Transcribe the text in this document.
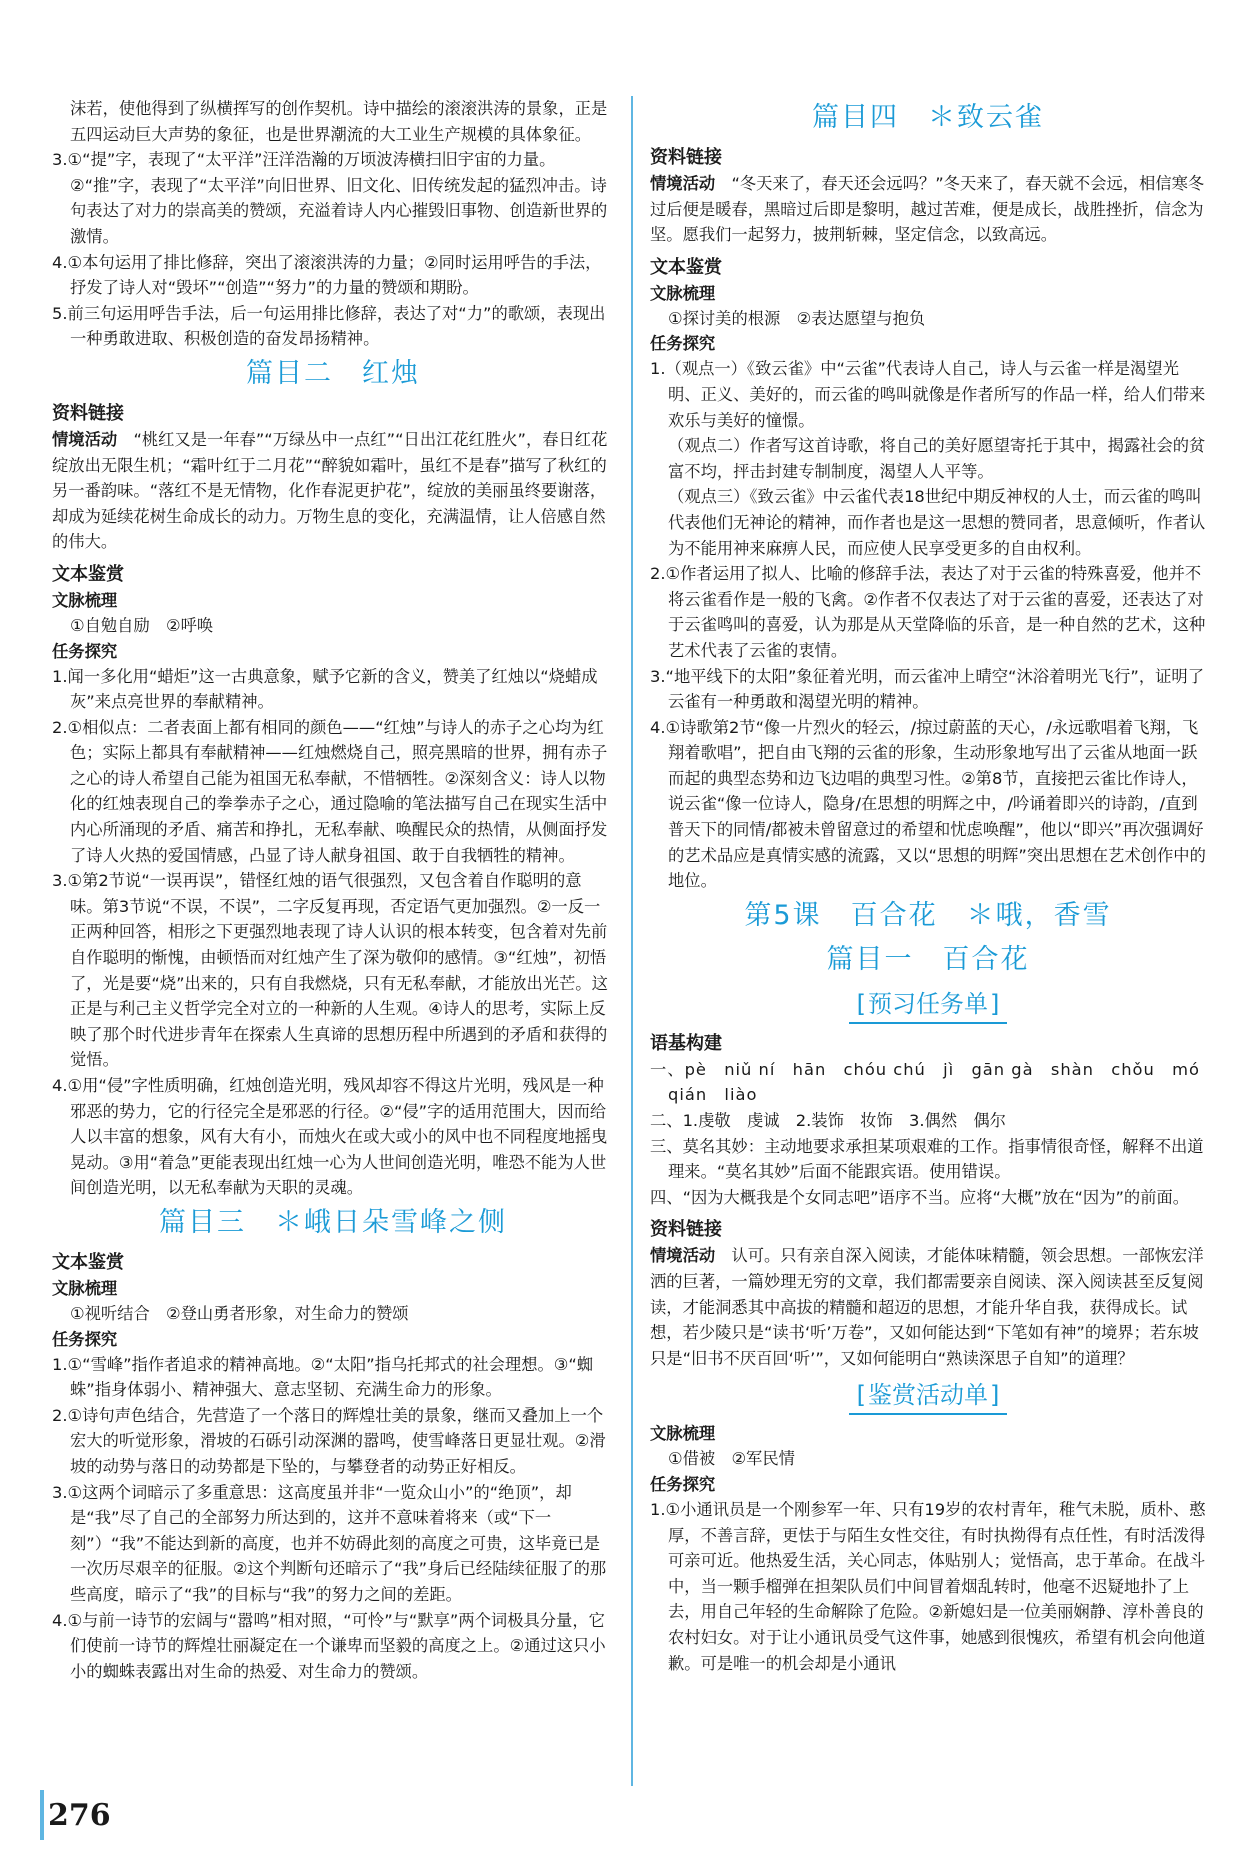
沫若，使他得到了纵横挥写的创作契机。诗中描绘的滚滚洪涛的景象，正是五四运动巨大声势的象征，也是世界潮流的大工业生产规模的具体象征。

3.①“提”字，表现了“太平洋”汪洋浩瀚的万顷波涛横扫旧宇宙的力量。②“推”字，表现了“太平洋”向旧世界、旧文化、旧传统发起的猛烈冲击。诗句表达了对力的崇高美的赞颂，充溢着诗人内心摧毁旧事物、创造新世界的激情。

4.①本句运用了排比修辞，突出了滚滚洪涛的力量；②同时运用呼告的手法，抒发了诗人对“毁坏”“创造”“努力”的力量的赞颂和期盼。

5.前三句运用呼告手法，后一句运用排比修辞，表达了对“力”的歌颂，表现出一种勇敢进取、积极创造的奋发昂扬精神。

篇目二　红烛
资料链接

情境活动　 “桃红又是一年春”“万绿丛中一点红”“日出江花红胜火”，春日红花绽放出无限生机；“霜叶红于二月花”“醉貌如霜叶，虽红不是春”描写了秋红的另一番韵味。“落红不是无情物，化作春泥更护花”，绽放的美丽虽终要谢落，却成为延续花树生命成长的动力。万物生息的变化，充满温情，让人倍感自然的伟大。

文本鉴赏
文脉梳理

①自勉自励　②呼唤

任务探究

1.闻一多化用“蜡炬”这一古典意象，赋予它新的含义，赞美了红烛以“烧蜡成灰”来点亮世界的奉献精神。

2.①相似点：二者表面上都有相同的颜色——“红烛”与诗人的赤子之心均为红色；实际上都具有奉献精神——红烛燃烧自己，照亮黑暗的世界，拥有赤子之心的诗人希望自己能为祖国无私奉献，不惜牺牲。②深刻含义：诗人以物化的红烛表现自己的拳拳赤子之心，通过隐喻的笔法描写自己在现实生活中内心所涌现的矛盾、痛苦和挣扎，无私奉献、唤醒民众的热情，从侧面抒发了诗人火热的爱国情感，凸显了诗人献身祖国、敢于自我牺牲的精神。

3.①第2节说“一误再误”，错怪红烛的语气很强烈，又包含着自作聪明的意味。第3节说“不误，不误”，二字反复再现，否定语气更加强烈。②一反一正两种回答，相形之下更强烈地表现了诗人认识的根本转变，包含着对先前自作聪明的惭愧，由顿悟而对红烛产生了深为敬仰的感情。③“红烛”，初悟了，光是要“烧”出来的，只有自我燃烧，只有无私奉献，才能放出光芒。这正是与利己主义哲学完全对立的一种新的人生观。④诗人的思考，实际上反映了那个时代进步青年在探索人生真谛的思想历程中所遇到的矛盾和获得的觉悟。

4.①用“侵”字性质明确，红烛创造光明，残风却容不得这片光明，残风是一种邪恶的势力，它的行径完全是邪恶的行径。②“侵”字的适用范围大，因而给人以丰富的想象，风有大有小，而烛火在或大或小的风中也不同程度地摇曳晃动。③用“着急”更能表现出红烛一心为人世间创造光明，唯恐不能为人世间创造光明，以无私奉献为天职的灵魂。

篇目三　＊峨日朵雪峰之侧
文本鉴赏
文脉梳理

①视听结合　②登山勇者形象，对生命力的赞颂

任务探究

1.①“雪峰”指作者追求的精神高地。②“太阳”指乌托邦式的社会理想。③“蜘蛛”指身体弱小、精神强大、意志坚韧、充满生命力的形象。

2.①诗句声色结合，先营造了一个落日的辉煌壮美的景象，继而又叠加上一个宏大的听觉形象，滑坡的石砾引动深渊的嚣鸣，使雪峰落日更显壮观。②滑坡的动势与落日的动势都是下坠的，与攀登者的动势正好相反。

3.①这两个词暗示了多重意思：这高度虽并非“一览众山小”的“绝顶”，却是“我”尽了自己的全部努力所达到的，这并不意味着将来（或“下一刻”）“我”不能达到新的高度，也并不妨碍此刻的高度之可贵，这毕竟已是一次历尽艰辛的征服。②这个判断句还暗示了“我”身后已经陆续征服了的那些高度，暗示了“我”的目标与“我”的努力之间的差距。

4.①与前一诗节的宏阔与“嚣鸣”相对照，“可怜”与“默享”两个词极具分量，它们使前一诗节的辉煌壮丽凝定在一个谦卑而坚毅的高度之上。②通过这只小小的蜘蛛表露出对生命的热爱、对生命力的赞颂。

篇目四　＊致云雀
资料链接

情境活动　 “冬天来了，春天还会远吗？”冬天来了，春天就不会远，相信寒冬过后便是暖春，黑暗过后即是黎明，越过苦难，便是成长，战胜挫折，信念为坚。愿我们一起努力，披荆斩棘，坚定信念，以致高远。

文本鉴赏
文脉梳理

①探讨美的根源　②表达愿望与抱负

任务探究

1.（观点一）《致云雀》中“云雀”代表诗人自己，诗人与云雀一样是渴望光明、正义、美好的，而云雀的鸣叫就像是作者所写的作品一样，给人们带来欢乐与美好的憧憬。

（观点二）作者写这首诗歌，将自己的美好愿望寄托于其中，揭露社会的贫富不均，抨击封建专制制度，渴望人人平等。

（观点三）《致云雀》中云雀代表18世纪中期反神权的人士，而云雀的鸣叫代表他们无神论的精神，而作者也是这一思想的赞同者，思意倾听，作者认为不能用神来麻痹人民，而应使人民享受更多的自由权利。

2.①作者运用了拟人、比喻的修辞手法，表达了对于云雀的特殊喜爱，他并不将云雀看作是一般的飞禽。②作者不仅表达了对于云雀的喜爱，还表达了对于云雀鸣叫的喜爱，认为那是从天堂降临的乐音，是一种自然的艺术，这种艺术代表了云雀的衷情。

3.“地平线下的太阳”象征着光明，而云雀冲上晴空“沐浴着明光飞行”，证明了云雀有一种勇敢和渴望光明的精神。

4.①诗歌第2节“像一片烈火的轻云，/掠过蔚蓝的天心，/永远歌唱着飞翔，飞翔着歌唱”，把自由飞翔的云雀的形象，生动形象地写出了云雀从地面一跃而起的典型态势和边飞边唱的典型习性。②第8节，直接把云雀比作诗人，说云雀“像一位诗人，隐身/在思想的明辉之中，/吟诵着即兴的诗韵，/直到普天下的同情/都被未曾留意过的希望和忧虑唤醒”，他以“即兴”再次强调好的艺术品应是真情实感的流露，又以“思想的明辉”突出思想在艺术创作中的地位。

第5课　百合花　＊哦，香雪
篇目一　百合花
[ 预习任务单 ]
语基构建

一、pè　niǔ ní　hān　chóu chú　jì　gān gà　shàn　chǒu　mó　qián　liào

二、1.虔敬　虔诚　2.装饰　妆饰　3.偶然　偶尔

三、莫名其妙：主动地要求承担某项艰难的工作。指事情很奇怪，解释不出道理来。“莫名其妙”后面不能跟宾语。使用错误。

四、“因为大概我是个女同志吧”语序不当。应将“大概”放在“因为”的前面。

资料链接

情境活动　 认可。只有亲自深入阅读，才能体味精髓，领会思想。一部恢宏洋洒的巨著，一篇妙理无穷的文章，我们都需要亲自阅读、深入阅读甚至反复阅读，才能洞悉其中高拔的精髓和超迈的思想，才能升华自我，获得成长。试想，若少陵只是“读书‘听’万卷”，又如何能达到“下笔如有神”的境界；若东坡只是“旧书不厌百回‘听’”，又如何能明白“熟读深思子自知”的道理？

[ 鉴赏活动单 ]
文脉梳理

①借被　②军民情

任务探究

1.①小通讯员是一个刚参军一年、只有19岁的农村青年，稚气未脱，质朴、憨厚，不善言辞，更怯于与陌生女性交往，有时执拗得有点任性，有时活泼得可亲可近。他热爱生活，关心同志，体贴别人；觉悟高，忠于革命。在战斗中，当一颗手榴弹在担架队员们中间冒着烟乱转时，他毫不迟疑地扑了上去，用自己年轻的生命解除了危险。②新媳妇是一位美丽娴静、淳朴善良的农村妇女。对于让小通讯员受气这件事，她感到很愧疚，希望有机会向他道歉。可是唯一的机会却是小通讯

276
